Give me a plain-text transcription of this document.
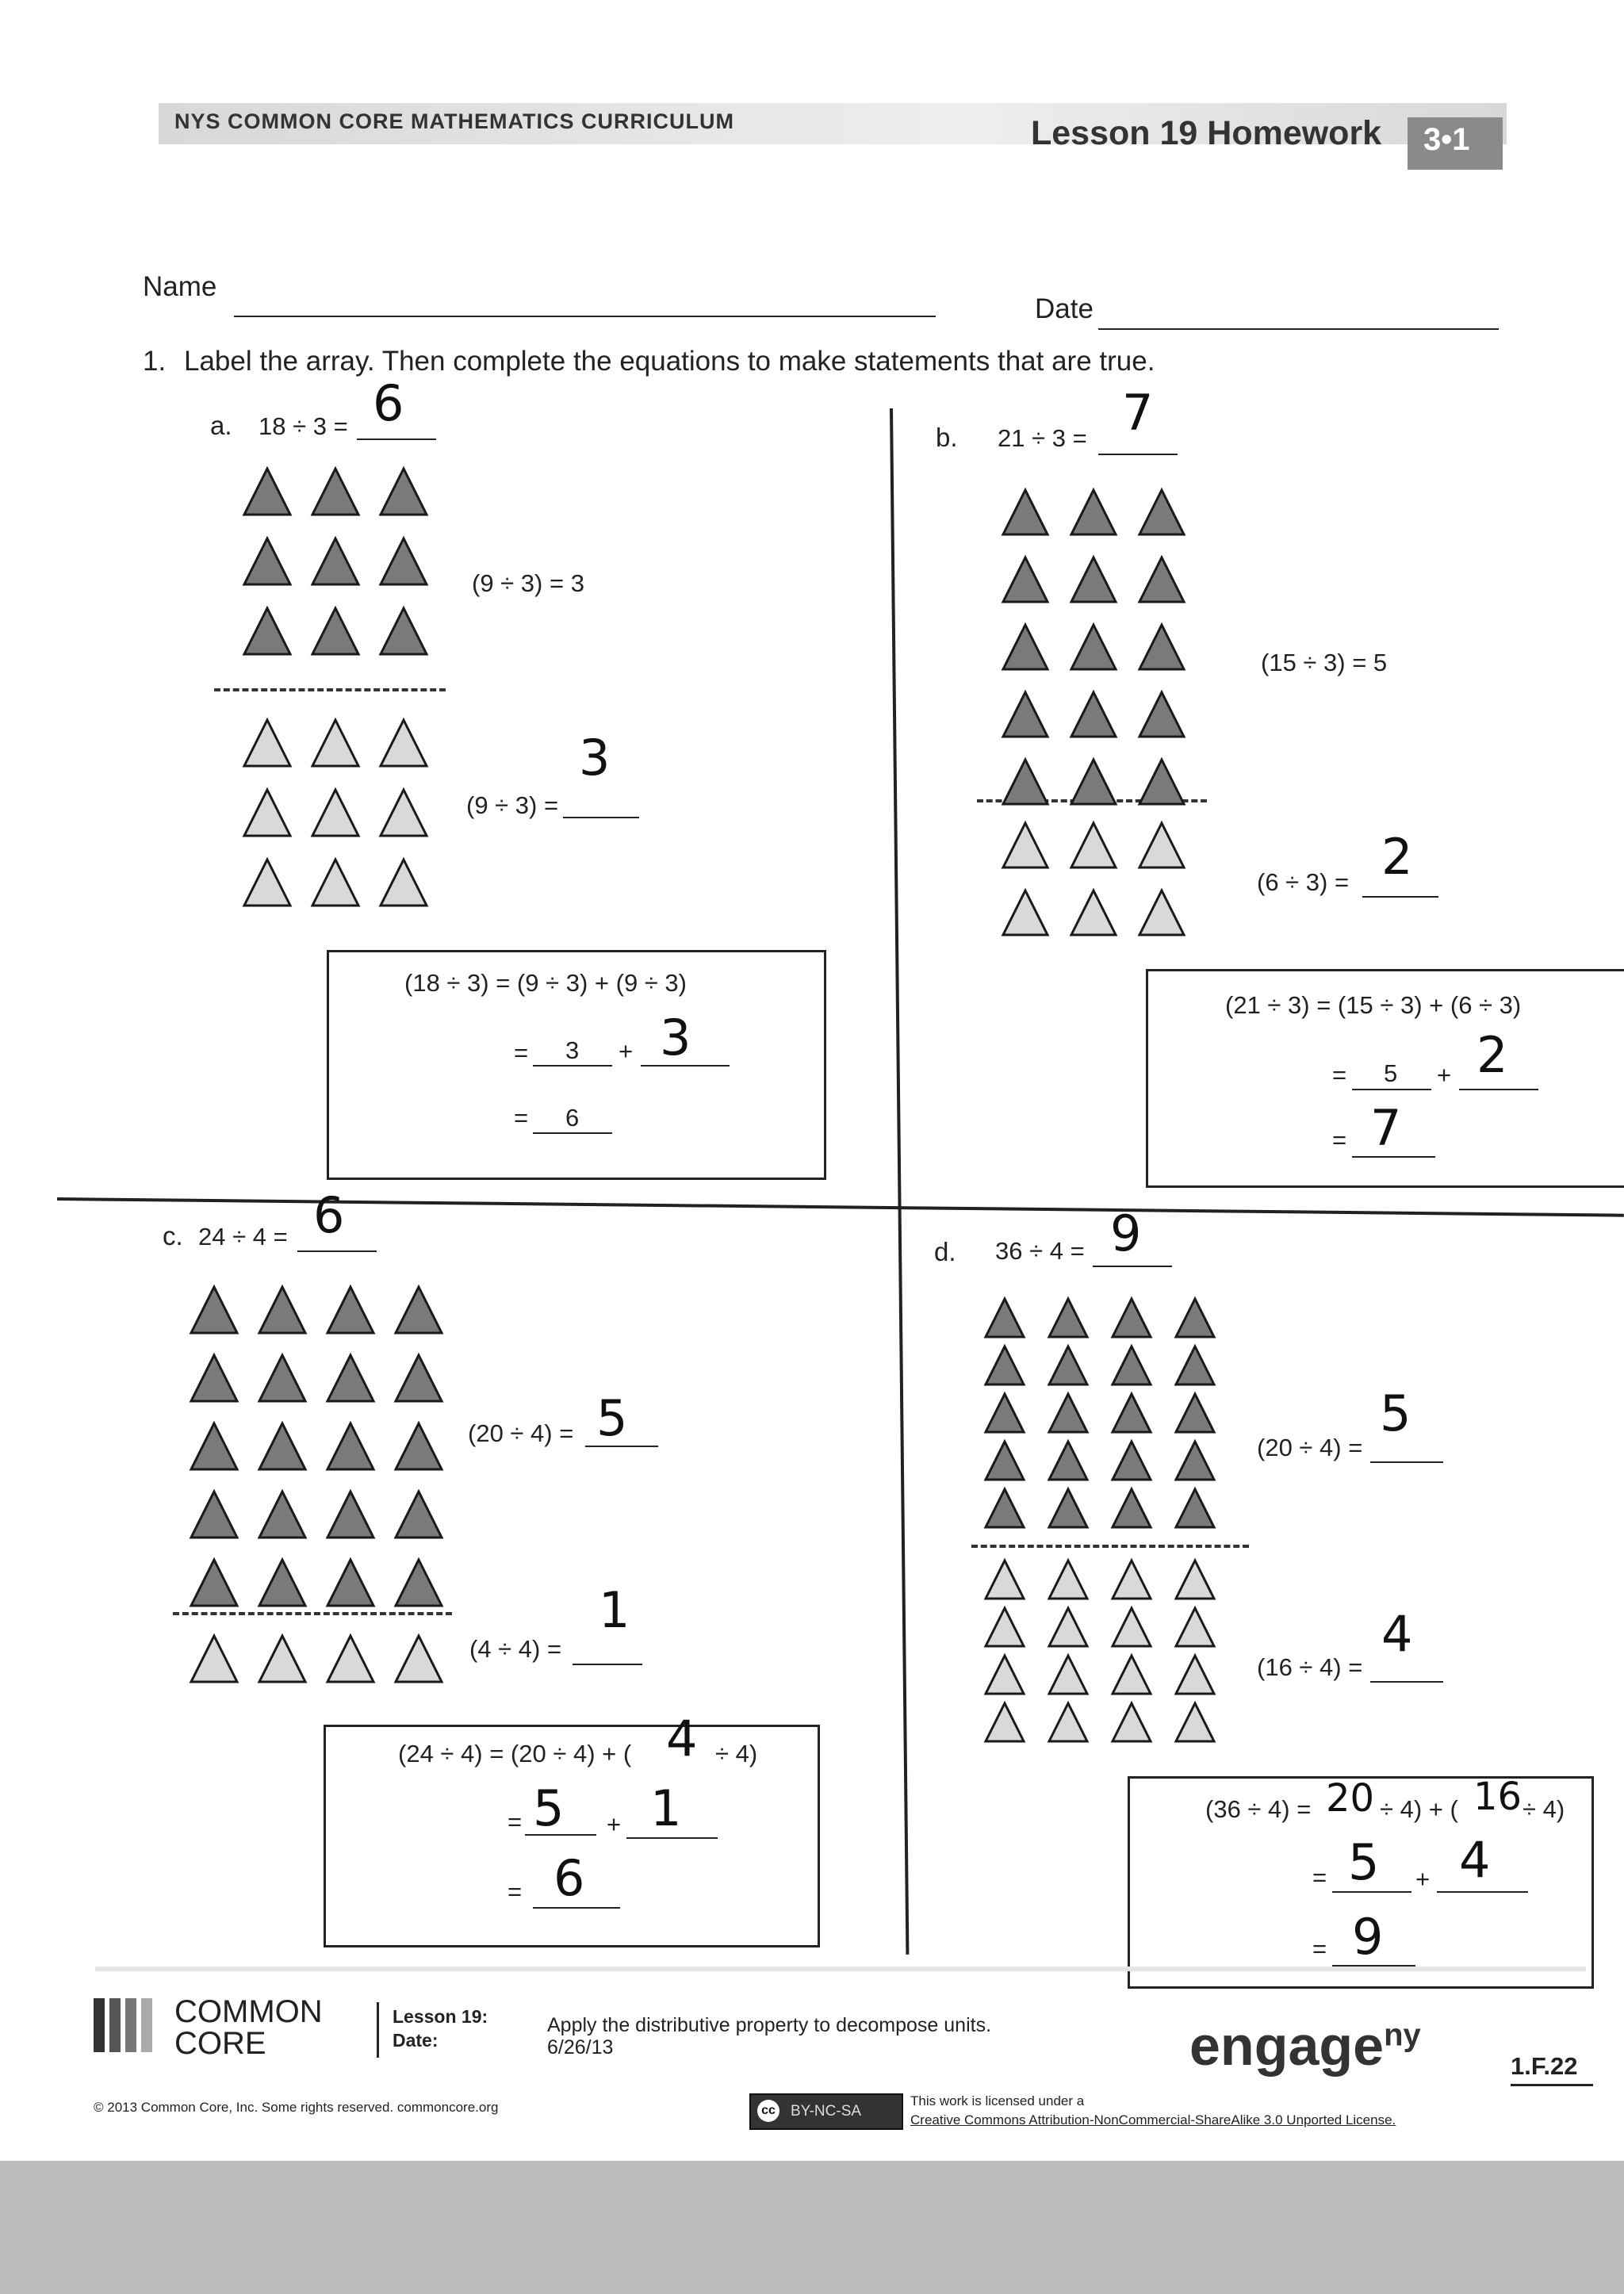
NYS COMMON CORE MATHEMATICS CURRICULUM	Lesson 19 Homework 3•1
Name
Date
1. Label the array. Then complete the equations to make statements that are true.
a. 18 ÷ 3 = 6
(9 ÷ 3) = 3
(9 ÷ 3) =
3
(18 ÷ 3) = (9 ÷ 3) + (9 ÷ 3)
= 3 + 3
= 6
b. 21 ÷ 3 = 7
(15 ÷ 3) = 5
(6 ÷ 3) = 2
(21 ÷ 3) = (15 ÷ 3) + (6 ÷ 3)
= 5 + 2
= 7
c. 24 ÷ 4 = 6
(20 ÷ 4) = 5
(4 ÷ 4) =
1
(24 ÷ 4) = (20 ÷ 4) + ( 4 ÷ 4)
= 5 + 1
= 6
d. 36 ÷ 4 = 9
(20 ÷ 4) =
5
(16 ÷ 4) =
4
(36 ÷ 4) = 20 ÷ 4) + ( 16 ÷ 4)
= 5 + 4
= 9
COMMON
CORE
Lesson 19:
Date:
Apply the distributive property to decompose units.
6/26/13	engage$^{ny}$
1.F.22
© 2013 Common Core, Inc. Some rights reserved. commoncore.org	cc BY-NC-SA
This work is licensed under a
Creative Commons Attribution-NonCommercial-ShareAlike 3.0 Unported License.
